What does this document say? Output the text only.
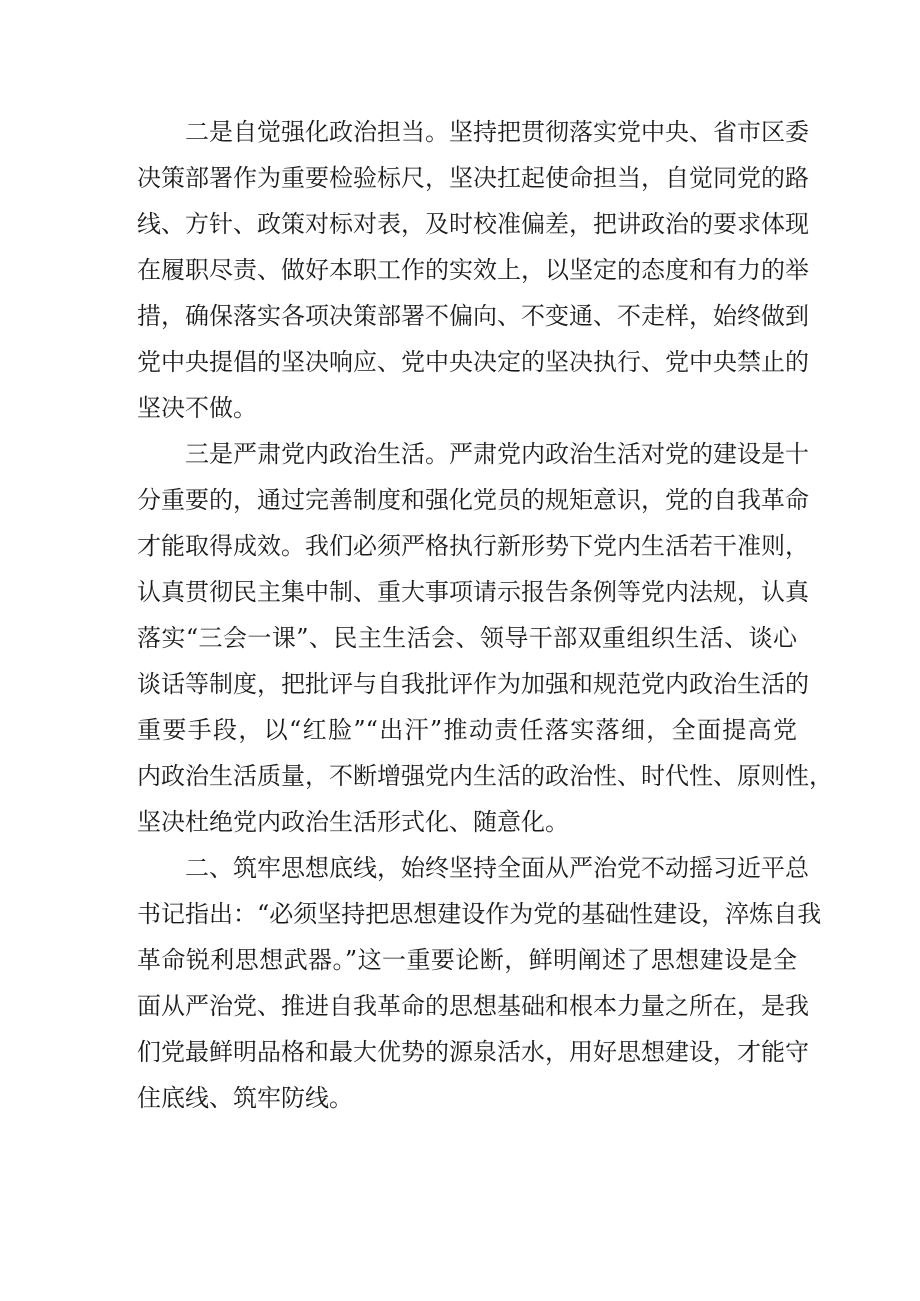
二是自觉强化政治担当。坚持把贯彻落实党中央、省市区委
决策部署作为重要检验标尺，坚决扛起使命担当，自觉同党的路
线、方针、政策对标对表，及时校准偏差，把讲政治的要求体现
在履职尽责、做好本职工作的实效上，以坚定的态度和有力的举
措，确保落实各项决策部署不偏向、不变通、不走样，始终做到
党中央提倡的坚决响应、党中央决定的坚决执行、党中央禁止的
坚决不做。
三是严肃党内政治生活。严肃党内政治生活对党的建设是十
分重要的，通过完善制度和强化党员的规矩意识，党的自我革命
才能取得成效。我们必须严格执行新形势下党内生活若干准则，
认真贯彻民主集中制、重大事项请示报告条例等党内法规，认真
落实“三会一课”、民主生活会、领导干部双重组织生活、谈心
谈话等制度，把批评与自我批评作为加强和规范党内政治生活的
重要手段，以“红脸”“出汗”推动责任落实落细，全面提高党
内政治生活质量，不断增强党内生活的政治性、时代性、原则性，
坚决杜绝党内政治生活形式化、随意化。
二、筑牢思想底线，始终坚持全面从严治党不动摇习近平总
书记指出：“必须坚持把思想建设作为党的基础性建设，淬炼自我
革命锐利思想武器。”这一重要论断，鲜明阐述了思想建设是全
面从严治党、推进自我革命的思想基础和根本力量之所在，是我
们党最鲜明品格和最大优势的源泉活水，用好思想建设，才能守
住底线、筑牢防线。
